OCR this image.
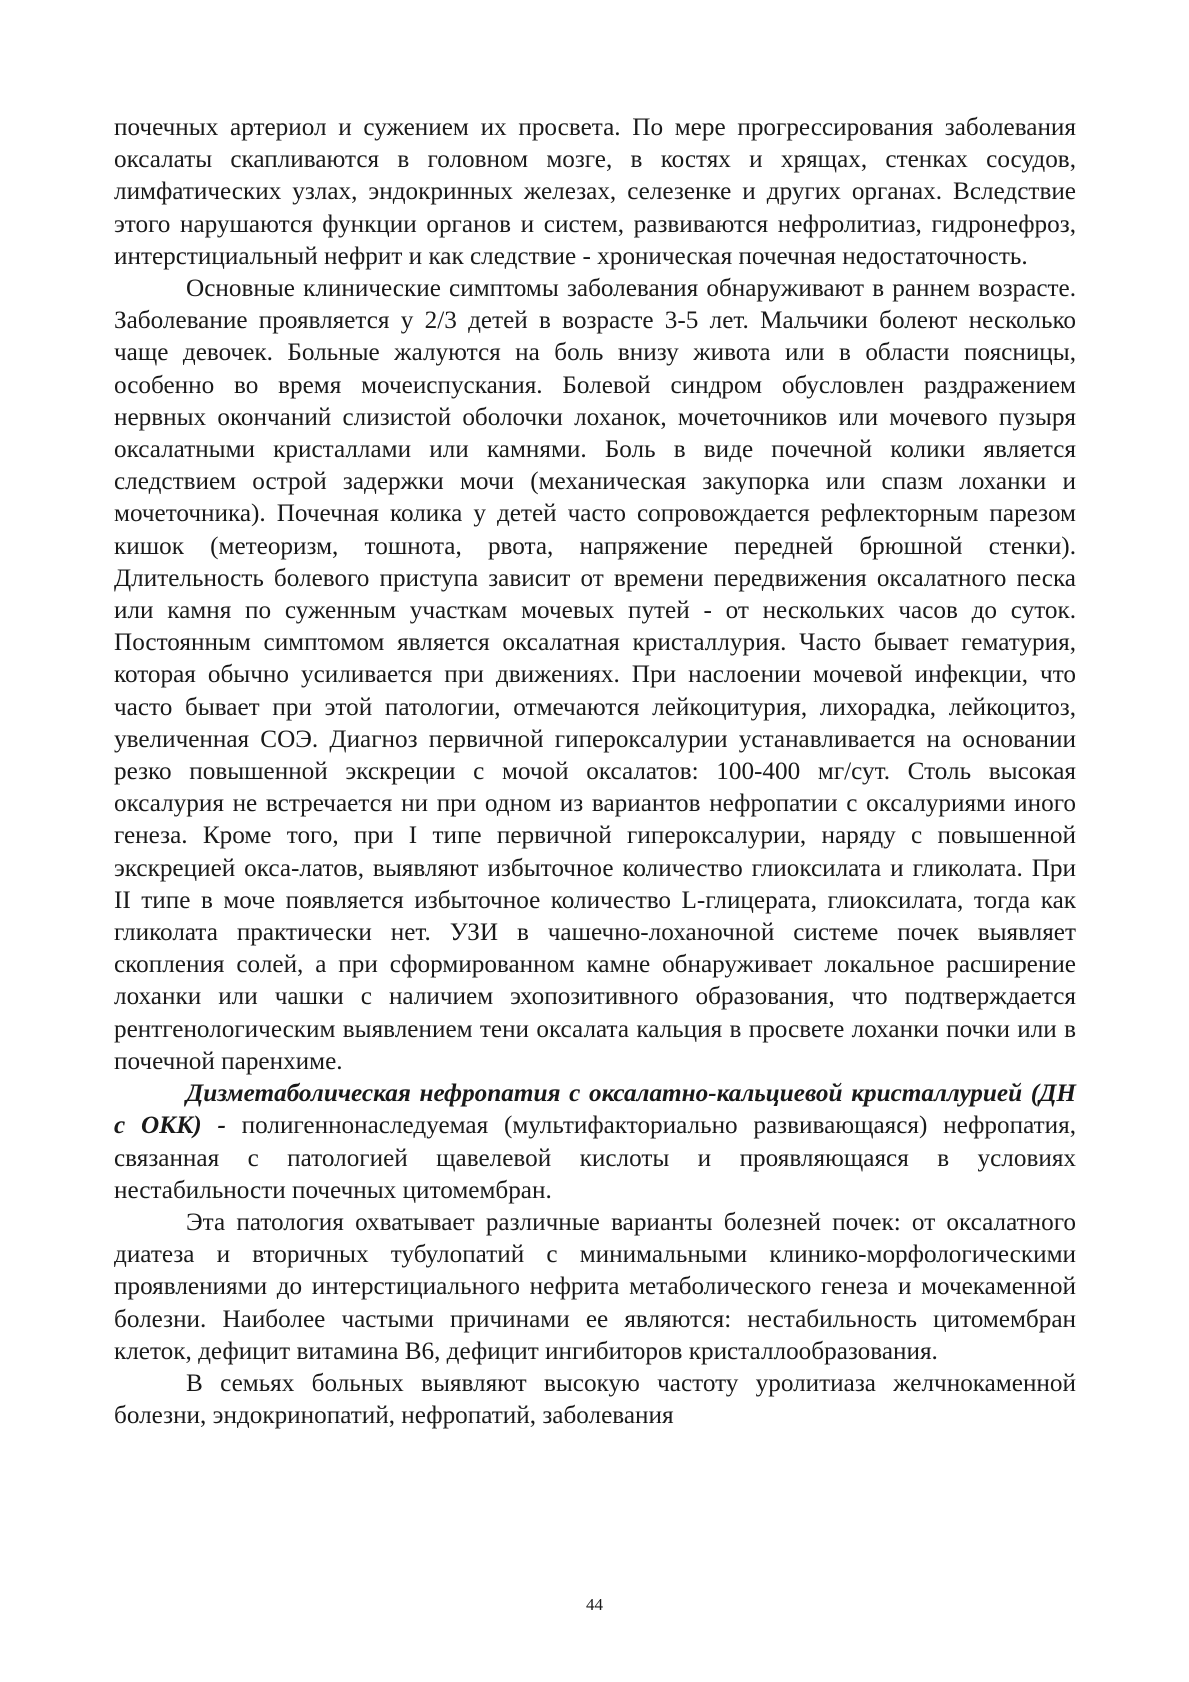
почечных артериол и сужением их просвета. По мере прогрессирования заболевания оксалаты скапливаются в головном мозге, в костях и хрящах, стенках сосудов, лимфатических узлах, эндокринных железах, селезенке и других органах. Вследствие этого нарушаются функции органов и систем, развиваются нефролитиаз, гидронефроз, интерстициальный нефрит и как следствие - хроническая почечная недостаточность.

Основные клинические симптомы заболевания обнаруживают в раннем возрасте. Заболевание проявляется у 2/3 детей в возрасте 3-5 лет. Мальчики болеют несколько чаще девочек. Больные жалуются на боль внизу живота или в области поясницы, особенно во время мочеиспускания. Болевой синдром обусловлен раздражением нервных окончаний слизистой оболочки лоханок, мочеточников или мочевого пузыря оксалатными кристаллами или камнями. Боль в виде почечной колики является следствием острой задержки мочи (механическая закупорка или спазм лоханки и мочеточника). Почечная колика у детей часто сопровождается рефлекторным парезом кишок (метеоризм, тошнота, рвота, напряжение передней брюшной стенки). Длительность болевого приступа зависит от времени передвижения оксалатного песка или камня по суженным участкам мочевых путей - от нескольких часов до суток. Постоянным симптомом является оксалатная кристаллурия. Часто бывает гематурия, которая обычно усиливается при движениях. При наслоении мочевой инфекции, что часто бывает при этой патологии, отмечаются лейкоцитурия, лихорадка, лейкоцитоз, увеличенная СОЭ. Диагноз первичной гипероксалурии устанавливается на основании резко повышенной экскреции с мочой оксалатов: 100-400 мг/сут. Столь высокая оксалурия не встречается ни при одном из вариантов нефропатии с оксалуриями иного генеза. Кроме того, при I типе первичной гипероксалурии, наряду с повышенной экскрецией окса-латов, выявляют избыточное количество глиоксилата и гликолата. При II типе в моче появляется избыточное количество L-глицерата, глиоксилата, тогда как гликолата практически нет. УЗИ в чашечно-лоханочной системе почек выявляет скопления солей, а при сформированном камне обнаруживает локальное расширение лоханки или чашки с наличием эхопозитивного образования, что подтверждается рентгенологическим выявлением тени оксалата кальция в просвете лоханки почки или в почечной паренхиме.

Дизметаболическая нефропатия с оксалатно-кальциевой кристаллурией (ДН с ОКК) - полигеннонаследуемая (мультифакториально развивающаяся) нефропатия, связанная с патологией щавелевой кислоты и проявляющаяся в условиях нестабильности почечных цитомембран.

Эта патология охватывает различные варианты болезней почек: от оксалатного диатеза и вторичных тубулопатий с минимальными клинико-морфологическими проявлениями до интерстициального нефрита метаболического генеза и мочекаменной болезни. Наиболее частыми причинами ее являются: нестабильность цитомембран клеток, дефицит витамина В6, дефицит ингибиторов кристаллообразования.

В семьях больных выявляют высокую частоту уролитиаза желчнокаменной болезни, эндокринопатий, нефропатий, заболевания

44
